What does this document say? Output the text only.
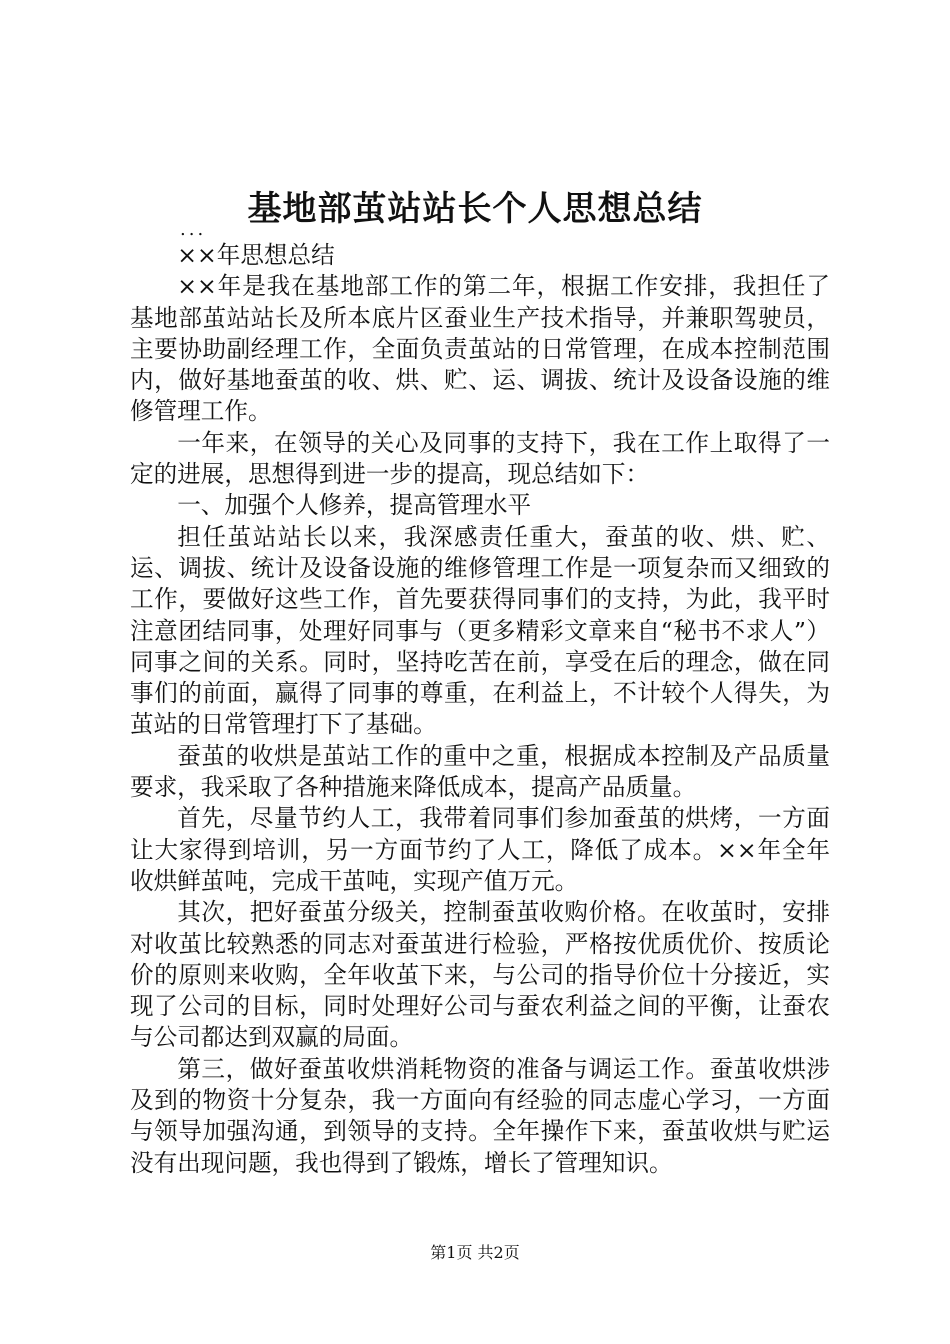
基地部茧站站长个人思想总结
...

××年思想总结

××年是我在基地部工作的第二年，根据工作安排，我担任了基地部茧站站长及所本底片区蚕业生产技术指导，并兼职驾驶员，主要协助副经理工作，全面负责茧站的日常管理，在成本控制范围内，做好基地蚕茧的收、烘、贮、运、调拔、统计及设备设施的维修管理工作。

一年来，在领导的关心及同事的支持下，我在工作上取得了一定的进展，思想得到进一步的提高，现总结如下：

一、加强个人修养，提高管理水平

担任茧站站长以来，我深感责任重大，蚕茧的收、烘、贮、运、调拔、统计及设备设施的维修管理工作是一项复杂而又细致的工作，要做好这些工作，首先要获得同事们的支持，为此，我平时注意团结同事，处理好同事与（更多精彩文章来自“秘书不求人”）同事之间的关系。同时，坚持吃苦在前，享受在后的理念，做在同事们的前面，赢得了同事的尊重，在利益上，不计较个人得失，为茧站的日常管理打下了基础。

蚕茧的收烘是茧站工作的重中之重，根据成本控制及产品质量要求，我采取了各种措施来降低成本，提高产品质量。

首先，尽量节约人工，我带着同事们参加蚕茧的烘烤，一方面让大家得到培训，另一方面节约了人工，降低了成本。××年全年收烘鲜茧吨，完成干茧吨，实现产值万元。

其次，把好蚕茧分级关，控制蚕茧收购价格。在收茧时，安排对收茧比较熟悉的同志对蚕茧进行检验，严格按优质优价、按质论价的原则来收购，全年收茧下来，与公司的指导价位十分接近，实现了公司的目标，同时处理好公司与蚕农利益之间的平衡，让蚕农与公司都达到双赢的局面。

第三，做好蚕茧收烘消耗物资的准备与调运工作。蚕茧收烘涉及到的物资十分复杂，我一方面向有经验的同志虚心学习，一方面与领导加强沟通，到领导的支持。全年操作下来，蚕茧收烘与贮运没有出现问题，我也得到了锻炼，增长了管理知识。

第1页 共2页
